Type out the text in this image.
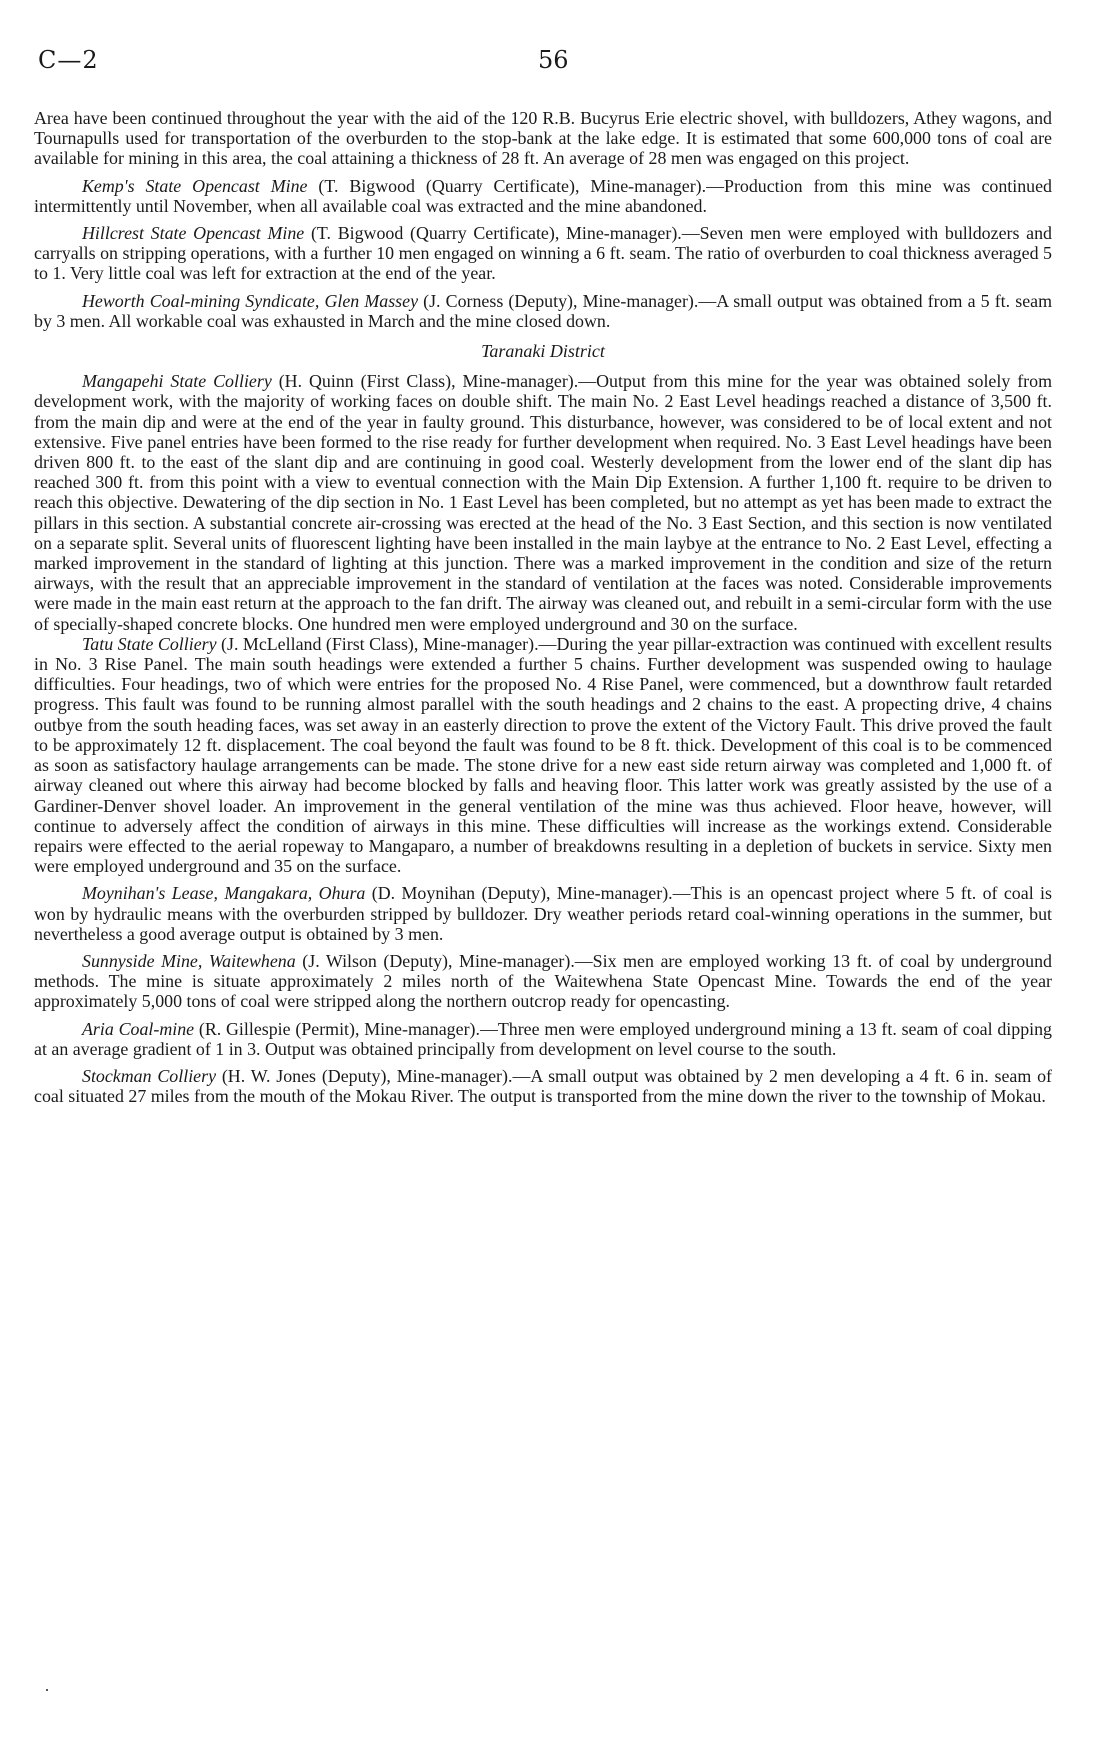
C—2	56

Area have been continued throughout the year with the aid of the 120 R.B. Bucyrus Erie electric shovel, with bulldozers, Athey wagons, and Tournapulls used for transportation of the overburden to the stop-bank at the lake edge. It is estimated that some 600,000 tons of coal are available for mining in this area, the coal attaining a thickness of 28 ft. An average of 28 men was engaged on this project.

Kemp's State Opencast Mine (T. Bigwood (Quarry Certificate), Mine-manager).—Production from this mine was continued intermittently until November, when all available coal was extracted and the mine abandoned.

Hillcrest State Opencast Mine (T. Bigwood (Quarry Certificate), Mine-manager).—Seven men were employed with bulldozers and carryalls on stripping operations, with a further 10 men engaged on winning a 6 ft. seam. The ratio of overburden to coal thickness averaged 5 to 1. Very little coal was left for extraction at the end of the year.

Heworth Coal-mining Syndicate, Glen Massey (J. Corness (Deputy), Mine-manager).—A small output was obtained from a 5 ft. seam by 3 men. All workable coal was exhausted in March and the mine closed down.

Taranaki District

Mangapehi State Colliery (H. Quinn (First Class), Mine-manager).—Output from this mine for the year was obtained solely from development work, with the majority of working faces on double shift. The main No. 2 East Level headings reached a distance of 3,500 ft. from the main dip and were at the end of the year in faulty ground. This disturbance, however, was considered to be of local extent and not extensive. Five panel entries have been formed to the rise ready for further development when required. No. 3 East Level headings have been driven 800 ft. to the east of the slant dip and are continuing in good coal. Westerly development from the lower end of the slant dip has reached 300 ft. from this point with a view to eventual connection with the Main Dip Extension. A further 1,100 ft. require to be driven to reach this objective. Dewatering of the dip section in No. 1 East Level has been completed, but no attempt as yet has been made to extract the pillars in this section. A substantial concrete air-crossing was erected at the head of the No. 3 East Section, and this section is now ventilated on a separate split. Several units of fluorescent lighting have been installed in the main laybye at the entrance to No. 2 East Level, effecting a marked improvement in the standard of lighting at this junction. There was a marked improvement in the condition and size of the return airways, with the result that an appreciable improvement in the standard of ventilation at the faces was noted. Considerable improvements were made in the main east return at the approach to the fan drift. The airway was cleaned out, and rebuilt in a semi-circular form with the use of specially-shaped concrete blocks. One hundred men were employed underground and 30 on the surface.

Tatu State Colliery (J. McLelland (First Class), Mine-manager).—During the year pillar-extraction was continued with excellent results in No. 3 Rise Panel. The main south headings were extended a further 5 chains. Further development was suspended owing to haulage difficulties. Four headings, two of which were entries for the proposed No. 4 Rise Panel, were commenced, but a downthrow fault retarded progress. This fault was found to be running almost parallel with the south headings and 2 chains to the east. A propecting drive, 4 chains outbye from the south heading faces, was set away in an easterly direction to prove the extent of the Victory Fault. This drive proved the fault to be approximately 12 ft. displacement. The coal beyond the fault was found to be 8 ft. thick. Development of this coal is to be commenced as soon as satisfactory haulage arrangements can be made. The stone drive for a new east side return airway was completed and 1,000 ft. of airway cleaned out where this airway had become blocked by falls and heaving floor. This latter work was greatly assisted by the use of a Gardiner-Denver shovel loader. An improvement in the general ventilation of the mine was thus achieved. Floor heave, however, will continue to adversely affect the condition of airways in this mine. These difficulties will increase as the workings extend. Considerable repairs were effected to the aerial ropeway to Mangaparo, a number of breakdowns resulting in a depletion of buckets in service. Sixty men were employed underground and 35 on the surface.

Moynihan's Lease, Mangakara, Ohura (D. Moynihan (Deputy), Mine-manager).—This is an opencast project where 5 ft. of coal is won by hydraulic means with the overburden stripped by bulldozer. Dry weather periods retard coal-winning operations in the summer, but nevertheless a good average output is obtained by 3 men.

Sunnyside Mine, Waitewhena (J. Wilson (Deputy), Mine-manager).—Six men are employed working 13 ft. of coal by underground methods. The mine is situate approximately 2 miles north of the Waitewhena State Opencast Mine. Towards the end of the year approximately 5,000 tons of coal were stripped along the northern outcrop ready for opencasting.

Aria Coal-mine (R. Gillespie (Permit), Mine-manager).—Three men were employed underground mining a 13 ft. seam of coal dipping at an average gradient of 1 in 3. Output was obtained principally from development on level course to the south.

Stockman Colliery (H. W. Jones (Deputy), Mine-manager).—A small output was obtained by 2 men developing a 4 ft. 6 in. seam of coal situated 27 miles from the mouth of the Mokau River. The output is transported from the mine down the river to the township of Mokau.
